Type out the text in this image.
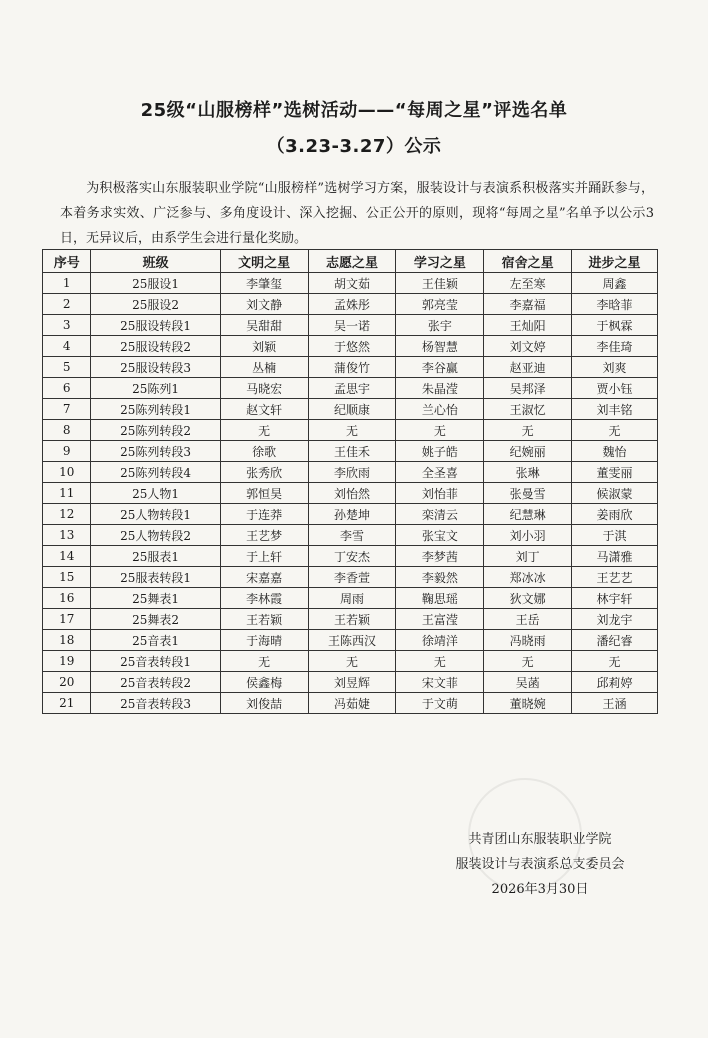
25级“山服榜样”选树活动——“每周之星”评选名单
（3.23-3.27）公示
为积极落实山东服装职业学院“山服榜样”选树学习方案，服装设计与表演系积极落实并踊跃参与，本着务求实效、广泛参与、多角度设计、深入挖掘、公正公开的原则，现将“每周之星”名单予以公示3日，无异议后，由系学生会进行量化奖励。
序号	班级	文明之星	志愿之星	学习之星	宿舍之星	进步之星
1	25服设1	李肇玺	胡文茹	王佳颖	左至寒	周鑫
2	25服设2	刘文静	孟姝彤	郭亮莹	李嘉福	李晗菲
3	25服设转段1	吴甜甜	吴一诺	张宇	王灿阳	于枫霖
4	25服设转段2	刘颖	于悠然	杨智慧	刘文婷	李佳琦
5	25服设转段3	丛楠	蒲俊竹	李谷赢	赵亚迪	刘爽
6	25陈列1	马晓宏	孟思宇	朱晶滢	吴邦泽	贾小钰
7	25陈列转段1	赵文轩	纪顺康	兰心怡	王淑忆	刘丰铭
8	25陈列转段2	无	无	无	无	无
9	25陈列转段3	徐歌	王佳禾	姚子皓	纪婉丽	魏怡
10	25陈列转段4	张秀欣	李欣雨	全圣喜	张琳	董雯丽
11	25人物1	郭恒昊	刘怡然	刘怡菲	张曼雪	候淑蒙
12	25人物转段1	于连莽	孙楚坤	栾清云	纪慧琳	姜雨欣
13	25人物转段2	王艺梦	李雪	张宝文	刘小羽	于淇
14	25服表1	于上轩	丁安杰	李梦茜	刘丁	马潇雅
15	25服表转段1	宋嘉嘉	李香萱	李毅然	郑冰冰	王艺艺
16	25舞表1	李林霞	周雨	鞠思瑶	狄文娜	林宇轩
17	25舞表2	王若颖	王若颖	王富滢	王岳	刘龙宇
18	25音表1	于海晴	王陈西汉	徐靖洋	冯晓雨	潘纪睿
19	25音表转段1	无	无	无	无	无
20	25音表转段2	侯鑫梅	刘昱辉	宋文菲	吴菡	邱莉婷
21	25音表转段3	刘俊喆	冯茹婕	于文萌	董晓婉	王涵
共青团山东服装职业学院
服装设计与表演系总支委员会
2026年3月30日
